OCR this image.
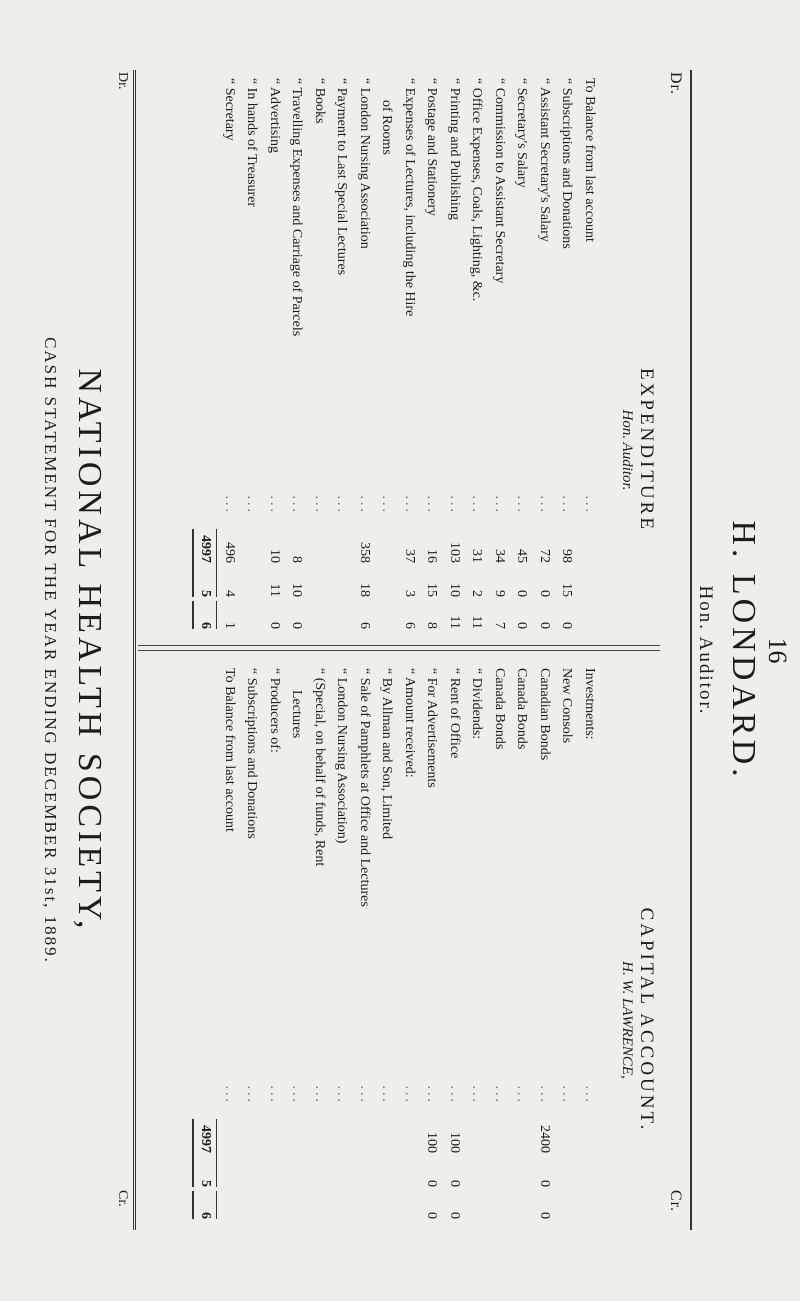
16
H. LONDARD.
Hon. Auditor.
Dr.
Cr.
EXPENDITURE
Hon. Auditor.
CAPITAL ACCOUNT.
H. W. LAWRENCE,
To Balance from last account
...
“ Subscriptions and Donations
...
98
15
0
“ Assistant Secretary's Salary
...
72
0
0
“ Secretary's Salary
...
45
0
0
“ Commission to Assistant Secretary
...
34
9
7
“ Office Expenses, Coals, Lighting, &c.
...
31
2
11
“ Printing and Publishing
...
103
10
11
“ Postage and Stationery
...
16
15
8
“ Expenses of Lectures, including the Hire
...
37
3
6
of Rooms
...
“ London Nursing Association
...
358
18
6
“ Payment to Last Special Lectures
...
“ Books
...
“ Travelling Expenses and Carriage of Parcels
...
8
10
0
“ Advertising
...
10
11
0
“ In hands of Treasurer
...
“ Secretary
...
496
4
1
4997
5
6
Investments:
...
New Consols
...
Canadian Bonds
...
2400
0
0
Canada Bonds
...
Canada Bonds
...
“ Dividends:
...
“ Rent of Office
...
100
0
0
“ For Advertisements
...
100
0
0
“ Amount received:
...
“ By Allman and Son, Limited
...
“ Sale of Pamphlets at Office and Lectures
...
“ London Nursing Association)
...
“ (Special, on behalf of funds, Rent
...
Lectures
...
“ Producers of:
...
“ Subscriptions and Donations
...
To Balance from last account
...
4997
5
6
Dr.
Cr.
NATIONAL HEALTH SOCIETY,
CASH STATEMENT FOR THE YEAR ENDING DECEMBER 31st, 1889.
